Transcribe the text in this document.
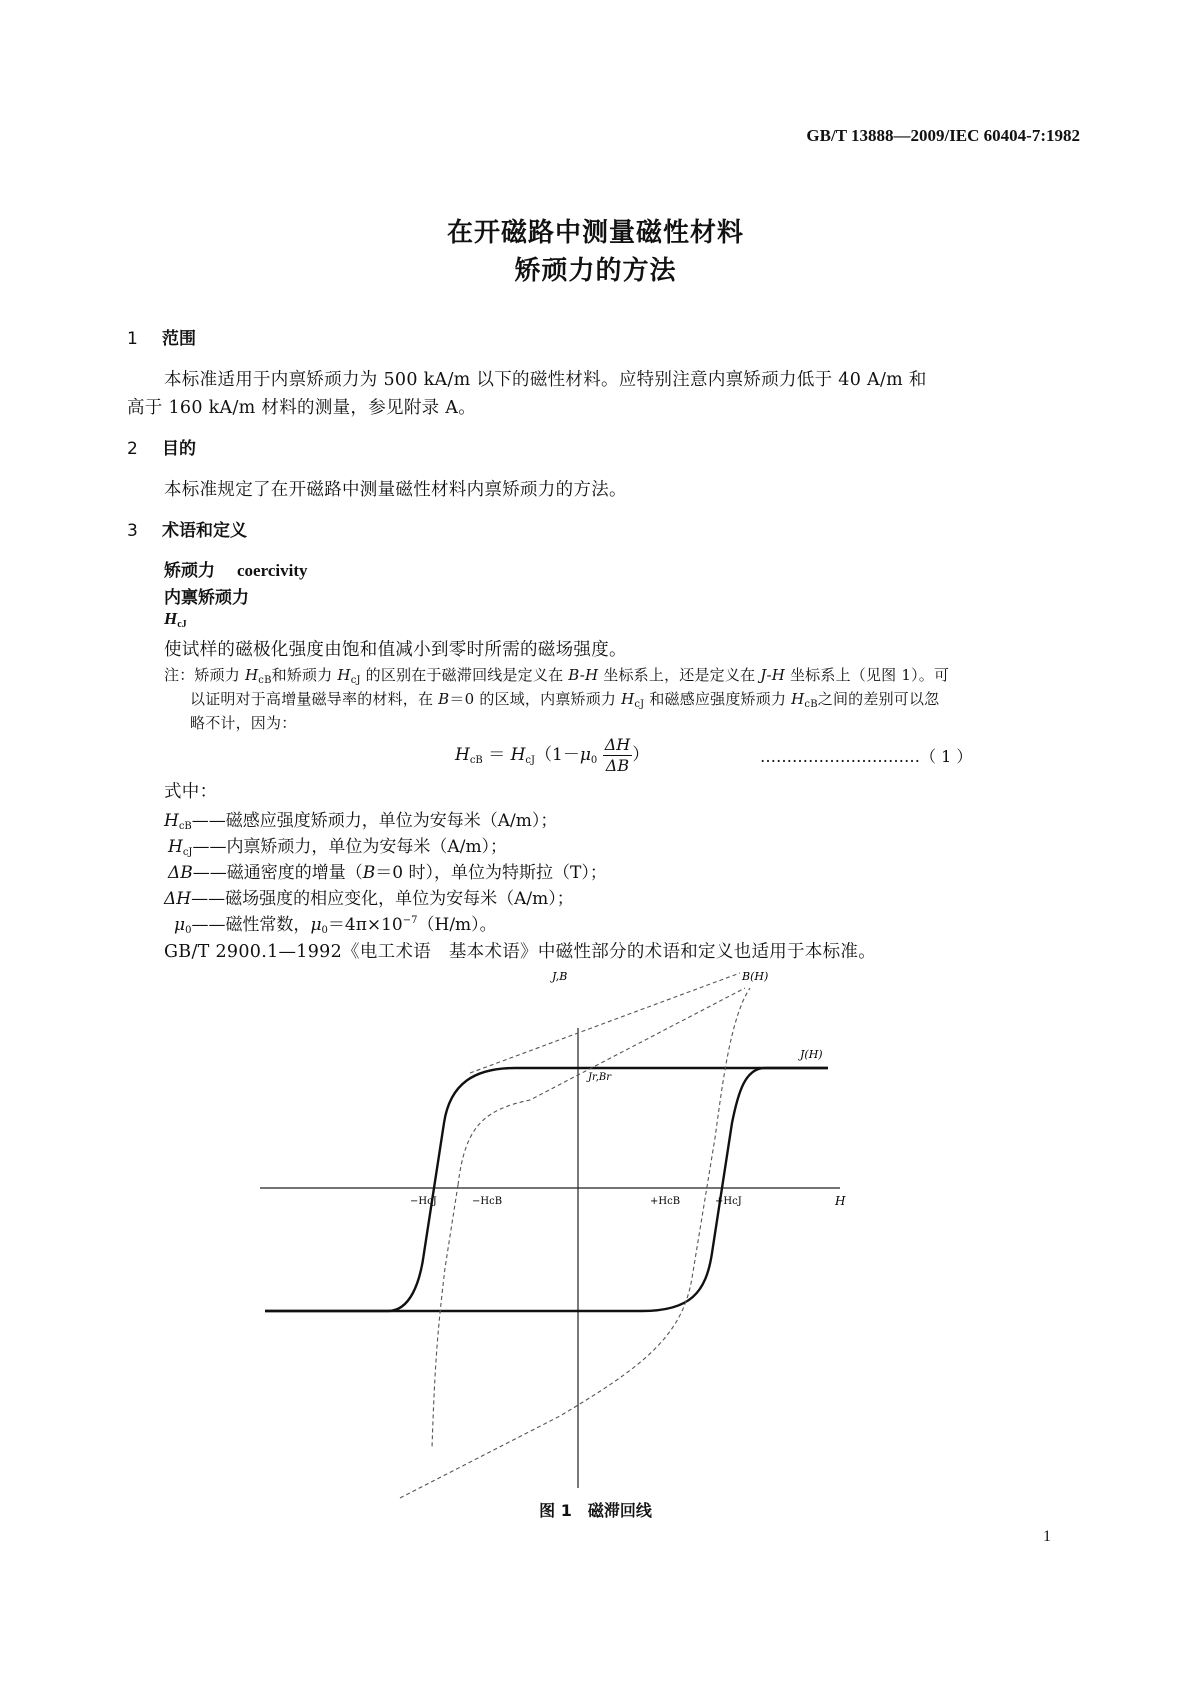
GB/T 13888—2009/IEC 60404-7:1982
在开磁路中测量磁性材料
矫顽力的方法
1 范围
本标准适用于内禀矫顽力为 500 kA/m 以下的磁性材料。应特别注意内禀矫顽力低于 40 A/m 和
高于 160 kA/m 材料的测量，参见附录 A。
2 目的
本标准规定了在开磁路中测量磁性材料内禀矫顽力的方法。
3 术语和定义
矫顽力 coercivity
内禀矫顽力
$H_{cJ}$
使试样的磁极化强度由饱和值减小到零时所需的磁场强度。
注：矫顽力 $H_{cB}$和矫顽力 $H_{cJ}$ 的区别在于磁滞回线是定义在 B-H 坐标系上，还是定义在 J-H 坐标系上（见图 1）。可
以证明对于高增量磁导率的材料，在 B＝0 的区域，内禀矫顽力 $H_{cJ}$ 和磁感应强度矫顽力 $H_{cB}$之间的差别可以忽
略不计，因为：
$H_{cB} = H_{cJ}(1-\mu_0 \frac{\Delta H}{\Delta B}$ ）	…………………………（ 1 ）
式中：
$H_{cB}——$磁感应强度矫顽力，单位为安每米（A/m）；
$H_{cJ}——$内禀矫顽力，单位为安每米（A/m）；
ΔB——磁通密度的增量（B＝0 时），单位为特斯拉（T）；
ΔH——磁场强度的相应变化，单位为安每米（A/m）；
$\mu_0——$磁性常数，$\mu_0=4\pi\times 10^{-7}(H/m)$。
GB/T 2900.1—1992《电工术语　基本术语》中磁性部分的术语和定义也适用于本标准。
J,B
H
B(H)
J(H)
Jr,Br
−HcJ	−HcB	+HcB	+HcJ
图 1　磁滞回线
1
